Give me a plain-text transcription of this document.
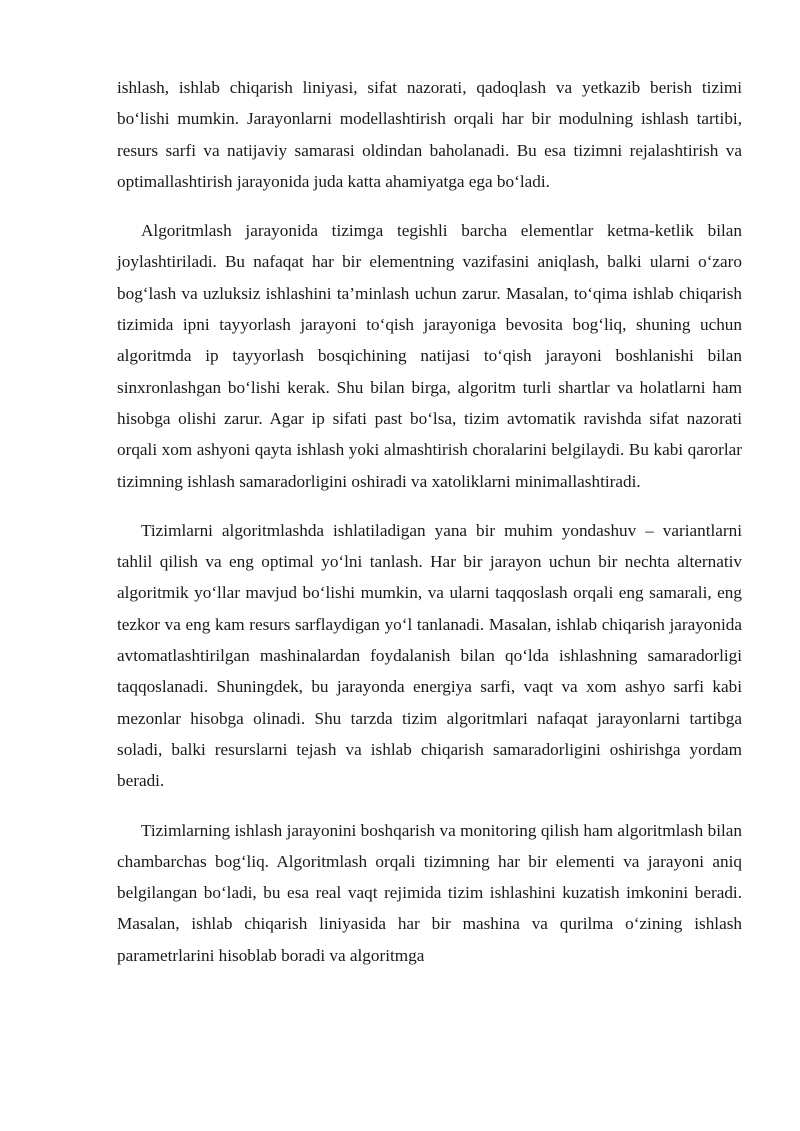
ishlash, ishlab chiqarish liniyasi, sifat nazorati, qadoqlash va yetkazib berish tizimi bo‘lishi mumkin. Jarayonlarni modellashtirish orqali har bir modulning ishlash tartibi, resurs sarfi va natijaviy samarasi oldindan baholanadi. Bu esa tizimni rejalashtirish va optimallashtirish jarayonida juda katta ahamiyatga ega bo‘ladi.

Algoritmlash jarayonida tizimga tegishli barcha elementlar ketma-ketlik bilan joylashtiriladi. Bu nafaqat har bir elementning vazifasini aniqlash, balki ularni o‘zaro bog‘lash va uzluksiz ishlashini ta’minlash uchun zarur. Masalan, to‘qima ishlab chiqarish tizimida ipni tayyorlash jarayoni to‘qish jarayoniga bevosita bog‘liq, shuning uchun algoritmda ip tayyorlash bosqichining natijasi to‘qish jarayoni boshlanishi bilan sinxronlashgan bo‘lishi kerak. Shu bilan birga, algoritm turli shartlar va holatlarni ham hisobga olishi zarur. Agar ip sifati past bo‘lsa, tizim avtomatik ravishda sifat nazorati orqali xom ashyoni qayta ishlash yoki almashtirish choralarini belgilaydi. Bu kabi qarorlar tizimning ishlash samaradorligini oshiradi va xatoliklarni minimallashtiradi.

Tizimlarni algoritmlashda ishlatiladigan yana bir muhim yondashuv – variantlarni tahlil qilish va eng optimal yo‘lni tanlash. Har bir jarayon uchun bir nechta alternativ algoritmik yo‘llar mavjud bo‘lishi mumkin, va ularni taqqoslash orqali eng samarali, eng tezkor va eng kam resurs sarflaydigan yo‘l tanlanadi. Masalan, ishlab chiqarish jarayonida avtomatlashtirilgan mashinalardan foydalanish bilan qo‘lda ishlashning samaradorligi taqqoslanadi. Shuningdek, bu jarayonda energiya sarfi, vaqt va xom ashyo sarfi kabi mezonlar hisobga olinadi. Shu tarzda tizim algoritmlari nafaqat jarayonlarni tartibga soladi, balki resurslarni tejash va ishlab chiqarish samaradorligini oshirishga yordam beradi.

Tizimlarning ishlash jarayonini boshqarish va monitoring qilish ham algoritmlash bilan chambarchas bog‘liq. Algoritmlash orqali tizimning har bir elementi va jarayoni aniq belgilangan bo‘ladi, bu esa real vaqt rejimida tizim ishlashini kuzatish imkonini beradi. Masalan, ishlab chiqarish liniyasida har bir mashina va qurilma o‘zining ishlash parametrlarini hisoblab boradi va algoritmga
